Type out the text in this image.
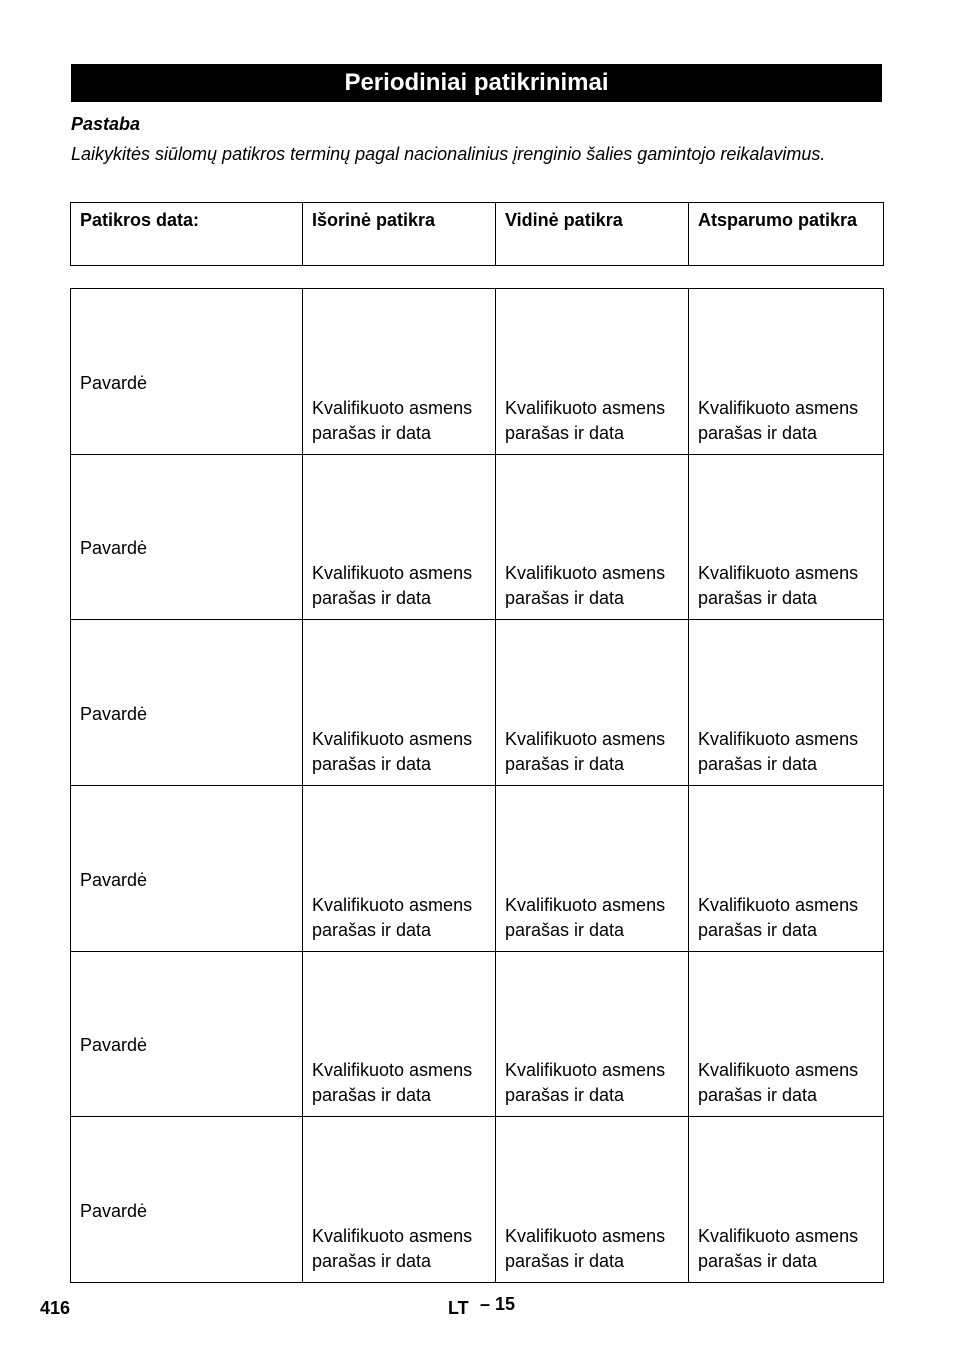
Periodiniai patikrinimai
Pastaba
Laikykitės siūlomų patikros terminų pagal nacionalinius įrenginio šalies gamintojo reikalavimus.
Patikros data:	Išorinė patikra	Vidinė patikra	Atsparumo patikra
Pavardė	Kvalifikuoto asmens parašas ir data	Kvalifikuoto asmens parašas ir data	Kvalifikuoto asmens parašas ir data

Pavardė	Kvalifikuoto asmens parašas ir data	Kvalifikuoto asmens parašas ir data	Kvalifikuoto asmens parašas ir data

Pavardė	Kvalifikuoto asmens parašas ir data	Kvalifikuoto asmens parašas ir data	Kvalifikuoto asmens parašas ir data

Pavardė	Kvalifikuoto asmens parašas ir data	Kvalifikuoto asmens parašas ir data	Kvalifikuoto asmens parašas ir data

Pavardė	Kvalifikuoto asmens parašas ir data	Kvalifikuoto asmens parašas ir data	Kvalifikuoto asmens parašas ir data

Pavardė	Kvalifikuoto asmens parašas ir data	Kvalifikuoto asmens parašas ir data	Kvalifikuoto asmens parašas ir data
416	LT – 15
